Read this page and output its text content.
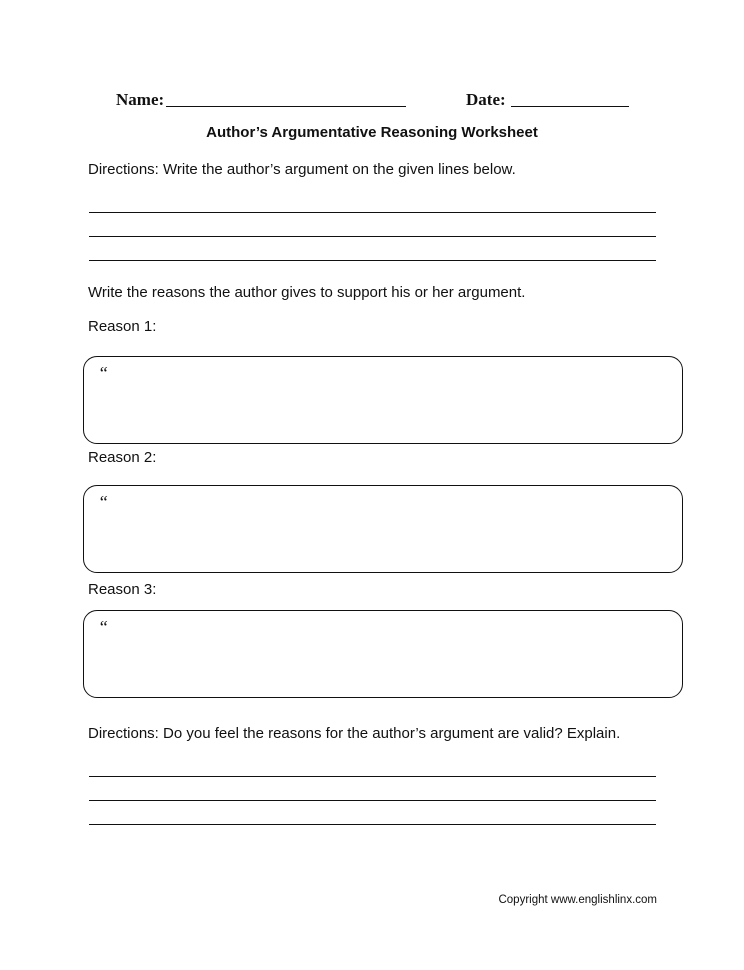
Name:	Date:
Author’s Argumentative Reasoning Worksheet
Directions: Write the author’s argument on the given lines below.
Write the reasons the author gives to support his or her argument.
Reason 1:
“
Reason 2:
“
Reason 3:
“
Directions: Do you feel the reasons for the author’s argument are valid? Explain.
Copyright www.englishlinx.com
